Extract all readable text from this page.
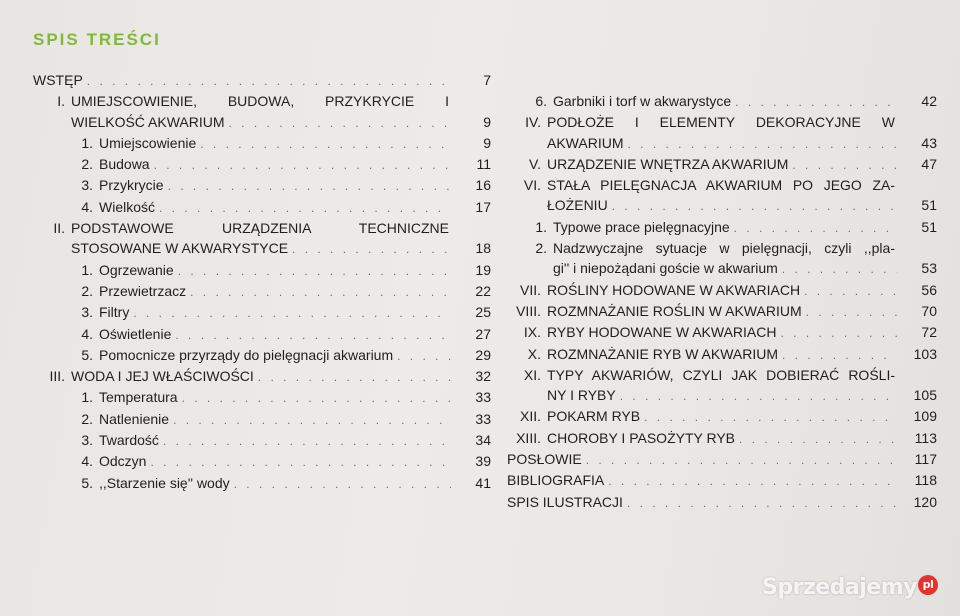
SPIS TREŚCI
WSTĘP . . .	7
I. UMIEJSCOWIENIE, BUDOWA, PRZYKRYCIE I
WIELKOŚĆ AKWARIUM . . .	9
1. Umiejscowienie . . .	9
2. Budowa . . .	11
3. Przykrycie . . .	16
4. Wielkość . . .	17
II. PODSTAWOWE URZĄDZENIA TECHNICZNE
STOSOWANE W AKWARYSTYCE . . .	18
1. Ogrzewanie . . .	19
2. Przewietrzacz . . .	22
3. Filtry . . .	25
4. Oświetlenie . . .	27
5. Pomocnicze przyrządy do pielęgnacji akwarium . . .	29
III. WODA I JEJ WŁAŚCIWOŚCI . . .	32
1. Temperatura . . .	33
2. Natlenienie . . .	33
3. Twardość . . .	34
4. Odczyn . . .	39
5. ,,Starzenie się'' wody . . .	41
6. Garbniki i torf w akwarystyce . . .	42
IV. PODŁOŻE I ELEMENTY DEKORACYJNE W
AKWARIUM . . .	43
V. URZĄDZENIE WNĘTRZA AKWARIUM . . .	47
VI. STAŁA PIELĘGNACJA AKWARIUM PO JEGO ZA-
ŁOŻENIU . . .	51
1. Typowe prace pielęgnacyjne . . .	51
2. Nadzwyczajne sytuacje w pielęgnacji, czyli ,,pla-
gi'' i niepożądani goście w akwarium . . .	53
VII. ROŚLINY HODOWANE W AKWARIACH . . .	56
VIII. ROZMNAŻANIE ROŚLIN W AKWARIUM . . .	70
IX. RYBY HODOWANE W AKWARIACH . . .	72
X. ROZMNAŻANIE RYB W AKWARIUM . . .	103
XI. TYPY AKWARIÓW, CZYLI JAK DOBIERAĆ ROŚLI-
NY I RYBY . . .	105
XII. POKARM RYB . . .	109
XIII. CHOROBY I PASOŻYTY RYB . . .	113
POSŁOWIE . . .	117
BIBLIOGRAFIA . . .	118
SPIS ILUSTRACJI . . .	120
Sprzedajemy pl
